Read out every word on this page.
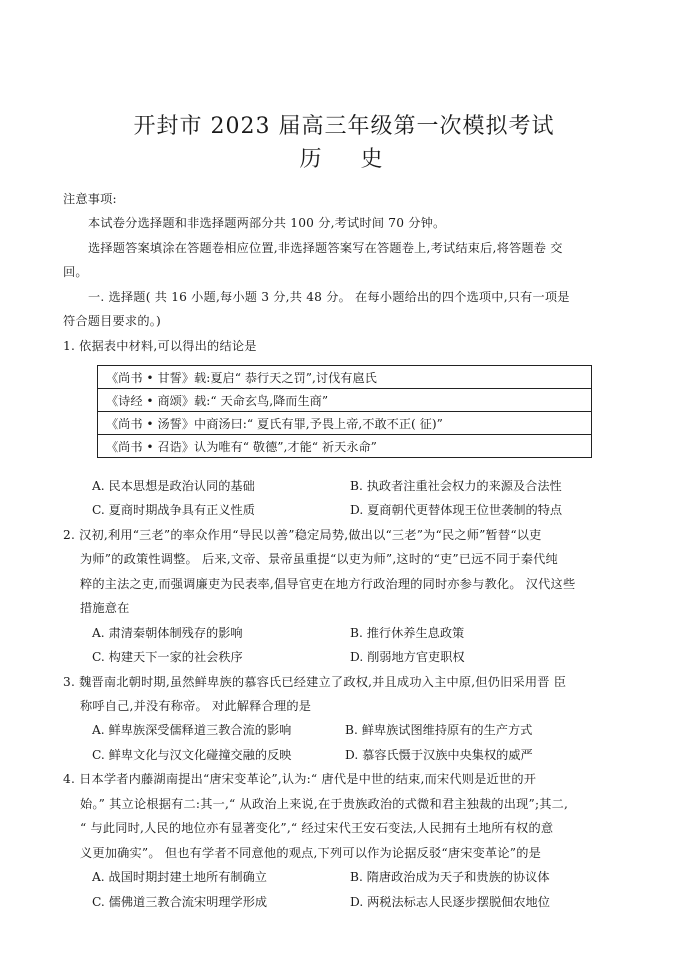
开封市 2023 届高三年级第一次模拟考试
历 史
注意事项:
本试卷分选择题和非选择题两部分共 100 分,考试时间 70 分钟。
选择题答案填涂在答题卷相应位置,非选择题答案写在答题卷上,考试结束后,将答题卷 交
回。
一. 选择题( 共 16 小题,每小题 3 分,共 48 分。 在每小题给出的四个选项中,只有一项是
符合题目要求的。)
1. 依据表中材料,可以得出的结论是
《尚书 • 甘誓》载:夏启“ 恭行天之罚”,讨伐有扈氏
《诗经 • 商颂》载:“ 天命玄鸟,降而生商”
《尚书 • 汤誓》中商汤曰:“ 夏氏有罪,予畏上帝,不敢不正( 征)”
《尚书 • 召诰》认为唯有“ 敬德”,才能“ 祈天永命”
A. 民本思想是政治认同的基础	B. 执政者注重社会权力的来源及合法性
C. 夏商时期战争具有正义性质	D. 夏商朝代更替体现王位世袭制的特点
2. 汉初,利用“三老”的率众作用“导民以善”稳定局势,做出以“三老”为“民之师”暂替“以吏
为师”的政策性调整。 后来,文帝、景帝虽重提“以吏为师”,这时的“吏”已远不同于秦代纯
粹的主法之吏,而强调廉吏为民表率,倡导官吏在地方行政治理的同时亦参与教化。 汉代这些
措施意在
A. 肃清秦朝体制残存的影响	B. 推行休养生息政策
C. 构建天下一家的社会秩序	D. 削弱地方官吏职权
3. 魏晋南北朝时期,虽然鲜卑族的慕容氏已经建立了政权,并且成功入主中原,但仍旧采用晋 臣
称呼自己,并没有称帝。 对此解释合理的是
A. 鲜卑族深受儒释道三教合流的影响	B. 鲜卑族试图维持原有的生产方式
C. 鲜卑文化与汉文化碰撞交融的反映	D. 慕容氏慑于汉族中央集权的威严
4. 日本学者内藤湖南提出“唐宋变革论”,认为:“ 唐代是中世的结束,而宋代则是近世的开
始。” 其立论根据有二:其一,“ 从政治上来说,在于贵族政治的式微和君主独裁的出现”;其二,
“ 与此同时,人民的地位亦有显著变化”,“ 经过宋代王安石变法,人民拥有土地所有权的意
义更加确实”。 但也有学者不同意他的观点,下列可以作为论据反驳“唐宋变革论”的是
A. 战国时期封建土地所有制确立	B. 隋唐政治成为天子和贵族的协议体
C. 儒佛道三教合流宋明理学形成	D. 两税法标志人民逐步摆脱佃农地位
